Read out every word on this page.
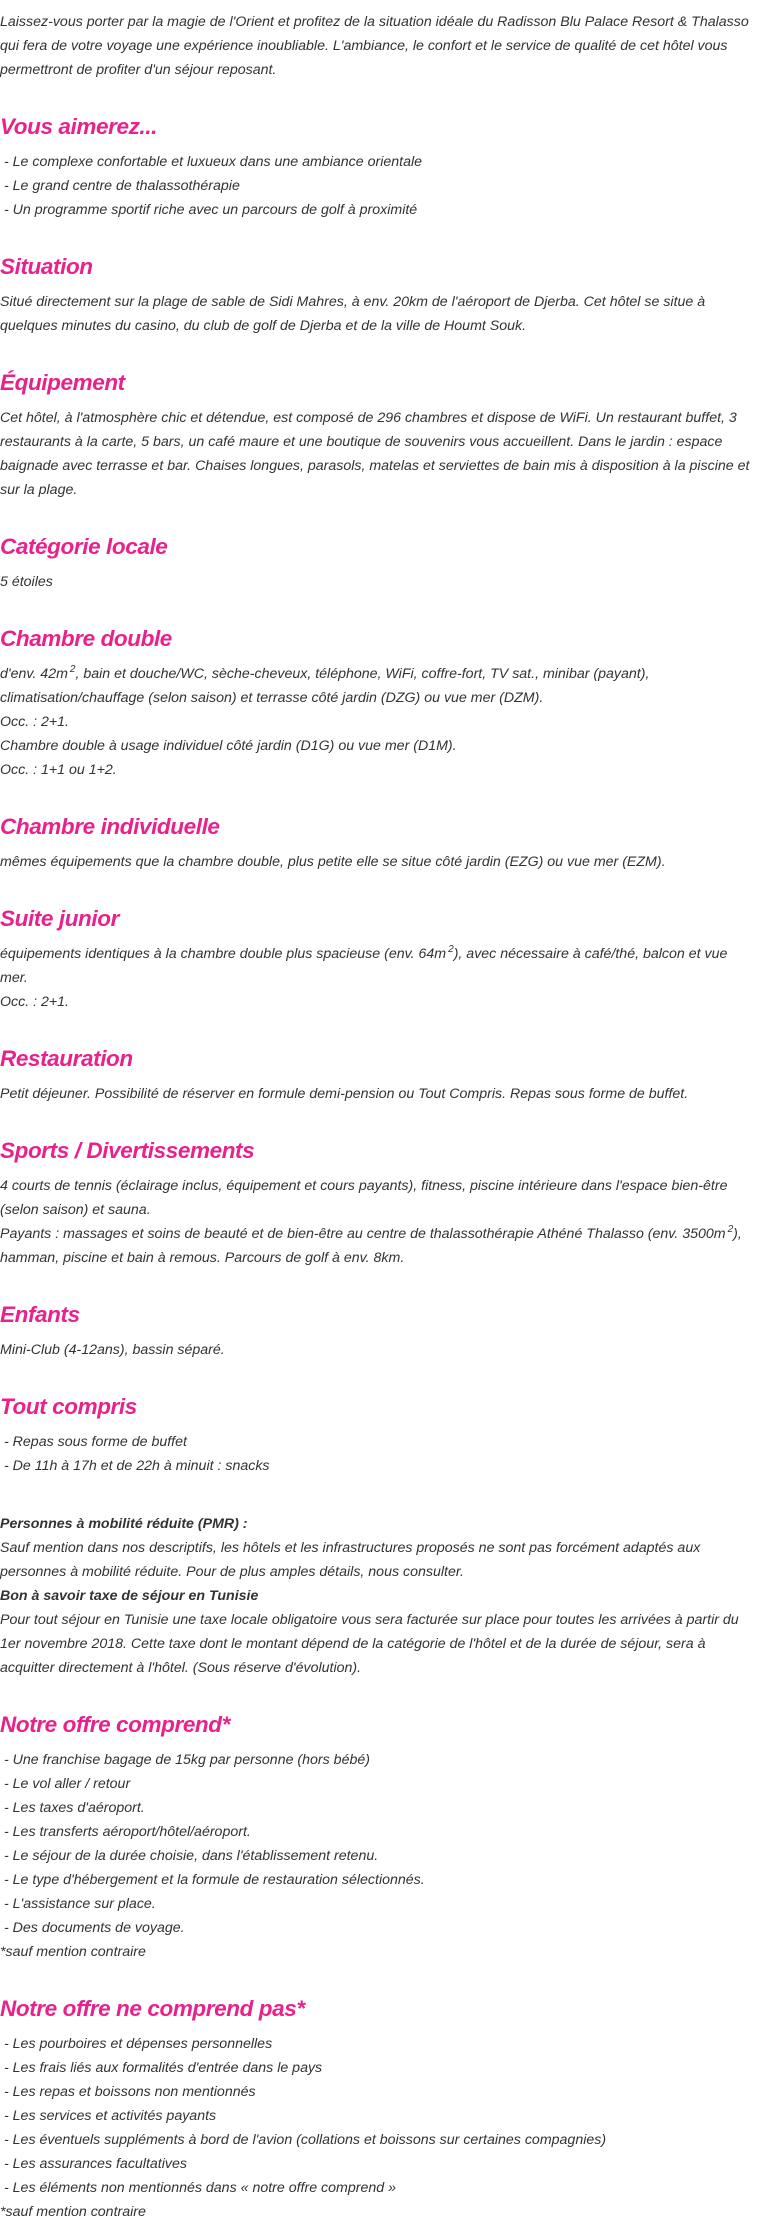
Laissez-vous porter par la magie de l'Orient et profitez de la situation idéale du Radisson Blu Palace Resort & Thalasso qui fera de votre voyage une expérience inoubliable. L'ambiance, le confort et le service de qualité de cet hôtel vous permettront de profiter d'un séjour reposant.

Vous aimerez...
- Le complexe confortable et luxueux dans une ambiance orientale
- Le grand centre de thalassothérapie
- Un programme sportif riche avec un parcours de golf à proximité
Situation

Situé directement sur la plage de sable de Sidi Mahres, à env. 20km de l'aéroport de Djerba. Cet hôtel se situe à quelques minutes du casino, du club de golf de Djerba et de la ville de Houmt Souk.

Équipement

Cet hôtel, à l'atmosphère chic et détendue, est composé de 296 chambres et dispose de WiFi. Un restaurant buffet, 3 restaurants à la carte, 5 bars, un café maure et une boutique de souvenirs vous accueillent. Dans le jardin : espace baignade avec terrasse et bar. Chaises longues, parasols, matelas et serviettes de bain mis à disposition à la piscine et sur la plage.

Catégorie locale

5 étoiles

Chambre double

d'env. 42m $^2$, bain et douche/WC, sèche-cheveux, téléphone, WiFi, coffre-fort, TV sat., minibar (payant), climatisation/chauffage (selon saison) et terrasse côté jardin (DZG) ou vue mer (DZM).

Occ. : 2+1.

Chambre double à usage individuel côté jardin (D1G) ou vue mer (D1M).

Occ. : 1+1 ou 1+2.

Chambre individuelle

mêmes équipements que la chambre double, plus petite elle se situe côté jardin (EZG) ou vue mer (EZM).

Suite junior

équipements identiques à la chambre double plus spacieuse (env. 64m $^2$), avec nécessaire à café/thé, balcon et vue mer.

Occ. : 2+1.

Restauration

Petit déjeuner. Possibilité de réserver en formule demi-pension ou Tout Compris. Repas sous forme de buffet.

Sports / Divertissements

4 courts de tennis (éclairage inclus, équipement et cours payants), fitness, piscine intérieure dans l'espace bien-être (selon saison) et sauna.

Payants : massages et soins de beauté et de bien-être au centre de thalassothérapie Athéné Thalasso (env. 3500m $^2$), hamman, piscine et bain à remous. Parcours de golf à env. 8km.

Enfants

Mini-Club (4-12ans), bassin séparé.

Tout compris
- Repas sous forme de buffet
- De 11h à 17h et de 22h à minuit : snacks

Personnes à mobilité réduite (PMR) :

Sauf mention dans nos descriptifs, les hôtels et les infrastructures proposés ne sont pas forcément adaptés aux personnes à mobilité réduite. Pour de plus amples détails, nous consulter.

Bon à savoir taxe de séjour en Tunisie

Pour tout séjour en Tunisie une taxe locale obligatoire vous sera facturée sur place pour toutes les arrivées à partir du 1er novembre 2018. Cette taxe dont le montant dépend de la catégorie de l'hôtel et de la durée de séjour, sera à acquitter directement à l'hôtel. (Sous réserve d'évolution).

Notre offre comprend*
- Une franchise bagage de 15kg par personne (hors bébé)
- Le vol aller / retour
- Les taxes d'aéroport.
- Les transferts aéroport/hôtel/aéroport.
- Le séjour de la durée choisie, dans l'établissement retenu.
- Le type d'hébergement et la formule de restauration sélectionnés.
- L'assistance sur place.
- Des documents de voyage.

*sauf mention contraire

Notre offre ne comprend pas*
- Les pourboires et dépenses personnelles
- Les frais liés aux formalités d'entrée dans le pays
- Les repas et boissons non mentionnés
- Les services et activités payants
- Les éventuels suppléments à bord de l'avion (collations et boissons sur certaines compagnies)
- Les assurances facultatives
- Les éléments non mentionnés dans « notre offre comprend »

*sauf mention contraire
